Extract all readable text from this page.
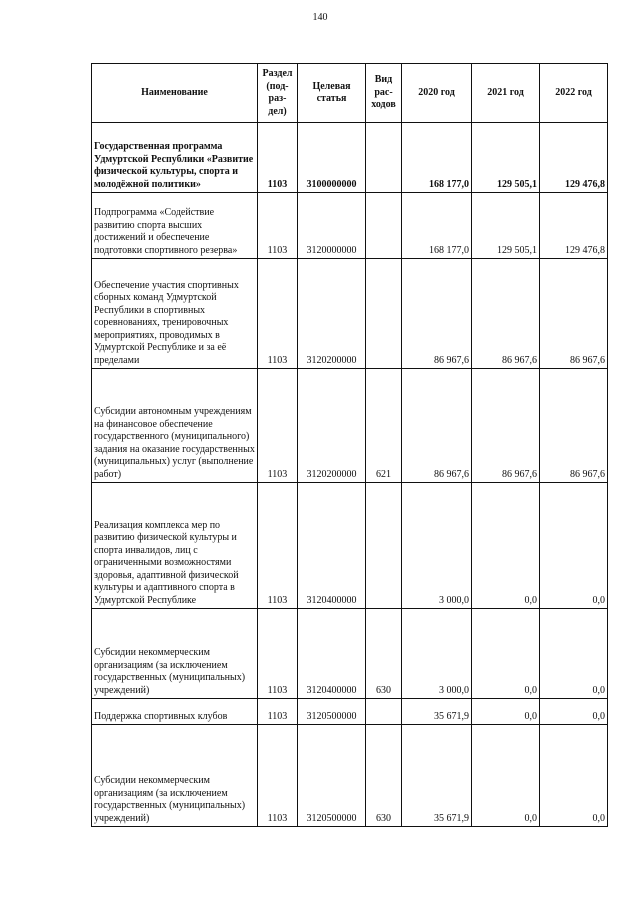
140
Наименование	Раздел (под-раз-дел)	Целевая статья	Вид рас-ходов	2020 год	2021 год	2022 год
Государственная программа Удмуртской Республики «Развитие физической культуры, спорта и молодёжной политики»	1103	3100000000		168 177,0	129 505,1	129 476,8
Подпрограмма «Содействие развитию спорта высших достижений и обеспечение подготовки спортивного резерва»	1103	3120000000		168 177,0	129 505,1	129 476,8
Обеспечение участия спортивных сборных команд Удмуртской Республики в спортивных соревнованиях, тренировочных мероприятиях, проводимых в Удмуртской Республике и за её пределами	1103	3120200000		86 967,6	86 967,6	86 967,6
Субсидии автономным учреждениям на финансовое обеспечение государственного (муниципального) задания на оказание государственных (муниципальных) услуг (выполнение работ)	1103	3120200000	621	86 967,6	86 967,6	86 967,6
Реализация комплекса мер по развитию физической культуры и спорта инвалидов, лиц с ограниченными возможностями здоровья, адаптивной физической культуры и адаптивного спорта в Удмуртской Республике	1103	3120400000		3 000,0	0,0	0,0
Субсидии некоммерческим организациям (за исключением государственных (муниципальных) учреждений)	1103	3120400000	630	3 000,0	0,0	0,0
Поддержка спортивных клубов	1103	3120500000		35 671,9	0,0	0,0
Субсидии некоммерческим организациям (за исключением государственных (муниципальных) учреждений)	1103	3120500000	630	35 671,9	0,0	0,0
